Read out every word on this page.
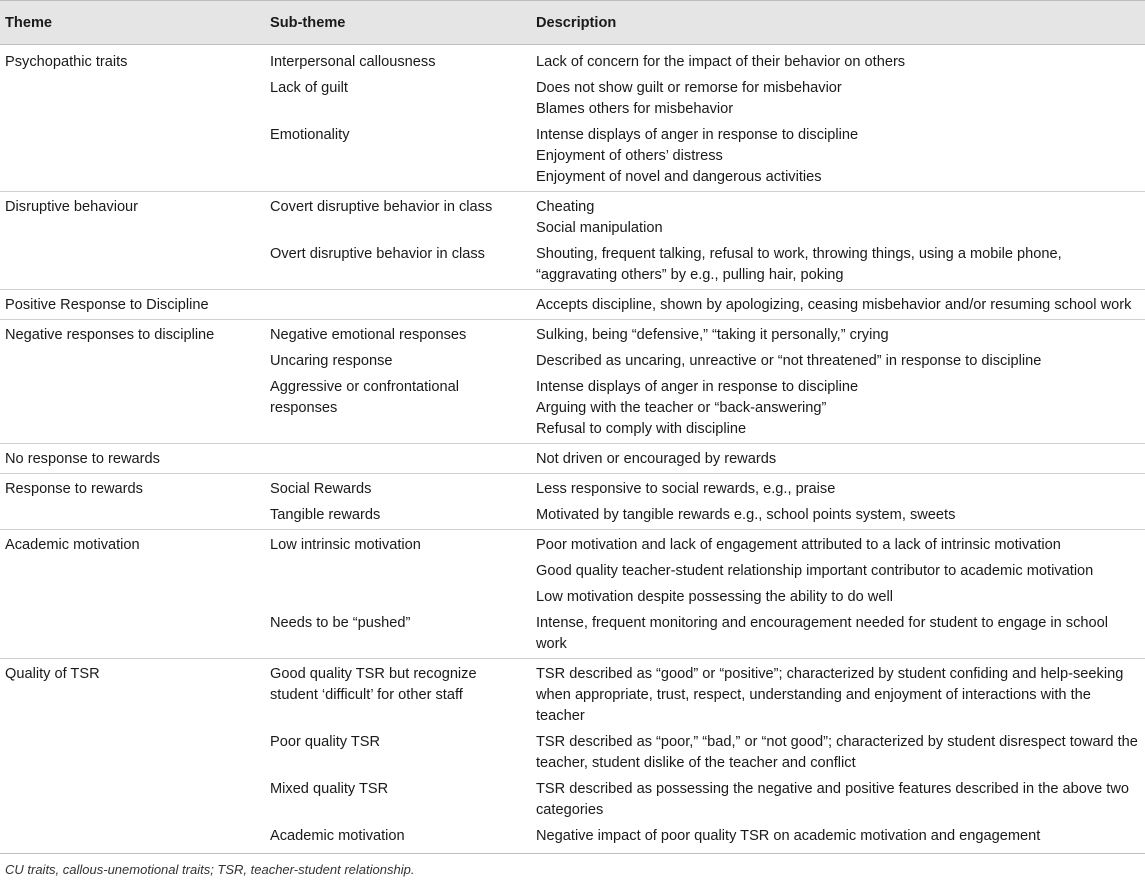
Theme	Sub-theme	Description
Psychopathic traits	Interpersonal callousness	Lack of concern for the impact of their behavior on others

	Lack of guilt	Does not show guilt or remorse for misbehavior
Blames others for misbehavior

	Emotionality	Intense displays of anger in response to discipline
Enjoyment of others’ distress
Enjoyment of novel and dangerous activities

Disruptive behaviour	Covert disruptive behavior in class	Cheating
Social manipulation

	Overt disruptive behavior in class	Shouting, frequent talking, refusal to work, throwing things, using a mobile phone, “aggravating others” by e.g., pulling hair, poking

Positive Response to Discipline		Accepts discipline, shown by apologizing, ceasing misbehavior and/or resuming school work

Negative responses to discipline	Negative emotional responses	Sulking, being “defensive,” “taking it personally,” crying

	Uncaring response	Described as uncaring, unreactive or “not threatened” in response to discipline

	Aggressive or confrontational responses	Intense displays of anger in response to discipline
Arguing with the teacher or “back-answering”
Refusal to comply with discipline

No response to rewards		Not driven or encouraged by rewards

Response to rewards	Social Rewards	Less responsive to social rewards, e.g., praise

	Tangible rewards	Motivated by tangible rewards e.g., school points system, sweets

Academic motivation	Low intrinsic motivation	Poor motivation and lack of engagement attributed to a lack of intrinsic motivation

		Good quality teacher-student relationship important contributor to academic motivation

		Low motivation despite possessing the ability to do well

	Needs to be “pushed”	Intense, frequent monitoring and encouragement needed for student to engage in school work

Quality of TSR	Good quality TSR but recognize student ‘difficult’ for other staff	TSR described as “good” or “positive”; characterized by student confiding and help-seeking when appropriate, trust, respect, understanding and enjoyment of interactions with the teacher

	Poor quality TSR	TSR described as “poor,” “bad,” or “not good”; characterized by student disrespect toward the teacher, student dislike of the teacher and conflict

	Mixed quality TSR	TSR described as possessing the negative and positive features described in the above two categories

	Academic motivation	Negative impact of poor quality TSR on academic motivation and engagement
CU traits, callous-unemotional traits; TSR, teacher-student relationship.
